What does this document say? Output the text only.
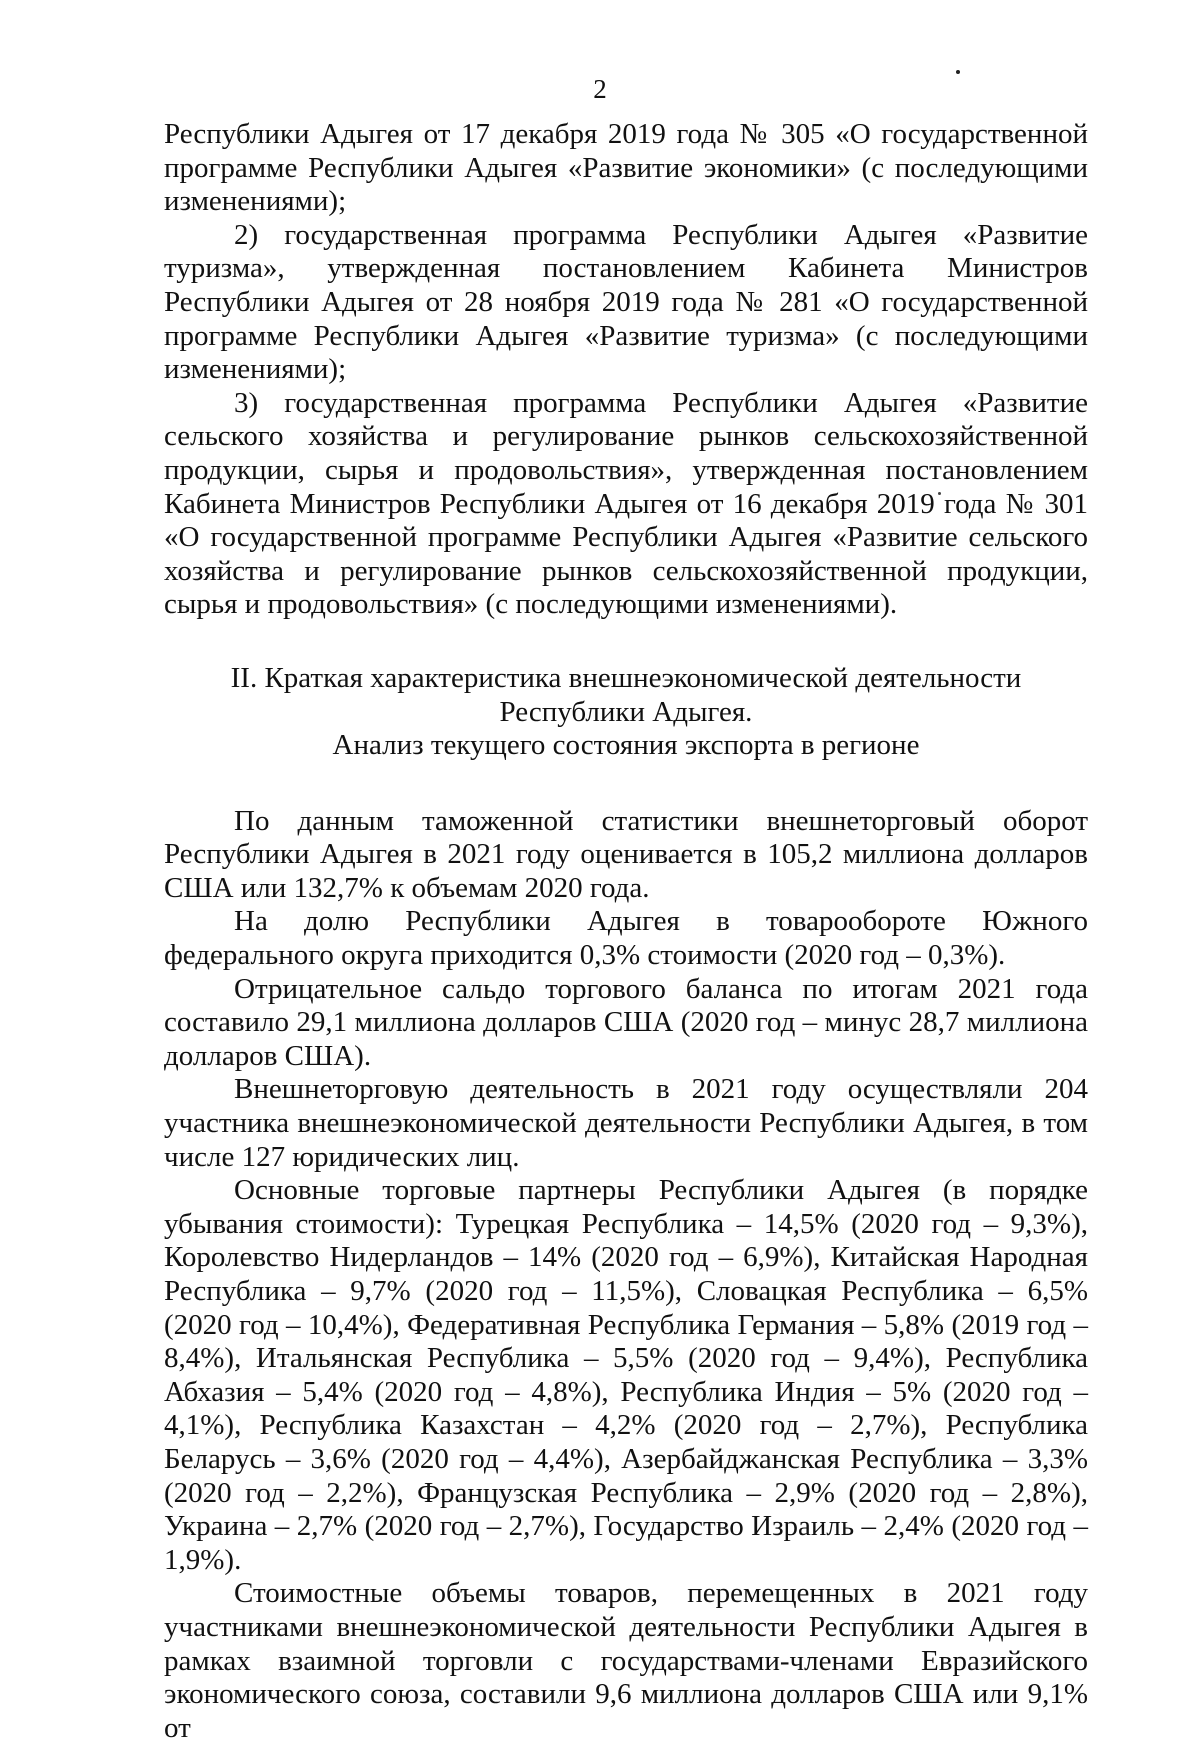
2

Республики Адыгея от 17 декабря 2019 года № 305 «О государственной программе Республики Адыгея «Развитие экономики» (с последующими изменениями);

2) государственная программа Республики Адыгея «Развитие туризма», утвержденная постановлением Кабинета Министров Республики Адыгея от 28 ноября 2019 года № 281 «О государственной программе Республики Адыгея «Развитие туризма» (с последующими изменениями);

3) государственная программа Республики Адыгея «Развитие сельского хозяйства и регулирование рынков сельскохозяйственной продукции, сырья и продовольствия», утвержденная постановлением Кабинета Министров Республики Адыгея от 16 декабря 2019 года № 301 «О государственной программе Республики Адыгея «Развитие сельского хозяйства и регулирование рынков сельскохозяйственной продукции, сырья и продовольствия» (с последующими изменениями).

II. Краткая характеристика внешнеэкономической деятельности
Республики Адыгея.
Анализ текущего состояния экспорта в регионе

По данным таможенной статистики внешнеторговый оборот Республики Адыгея в 2021 году оценивается в 105,2 миллиона долларов США или 132,7% к объемам 2020 года.

На долю Республики Адыгея в товарообороте Южного федерального округа приходится 0,3% стоимости (2020 год – 0,3%).

Отрицательное сальдо торгового баланса по итогам 2021 года составило 29,1 миллиона долларов США (2020 год – минус 28,7 миллиона долларов США).

Внешнеторговую деятельность в 2021 году осуществляли 204 участника внешнеэкономической деятельности Республики Адыгея, в том числе 127 юридических лиц.

Основные торговые партнеры Республики Адыгея (в порядке убывания стоимости): Турецкая Республика – 14,5% (2020 год – 9,3%), Королевство Нидерландов – 14% (2020 год – 6,9%), Китайская Народная Республика – 9,7% (2020 год – 11,5%), Словацкая Республика – 6,5% (2020 год – 10,4%), Федеративная Республика Германия – 5,8% (2019 год – 8,4%), Итальянская Республика – 5,5% (2020 год – 9,4%), Республика Абхазия – 5,4% (2020 год – 4,8%), Республика Индия – 5% (2020 год – 4,1%), Республика Казахстан – 4,2% (2020 год – 2,7%), Республика Беларусь – 3,6% (2020 год – 4,4%), Азербайджанская Республика – 3,3% (2020 год – 2,2%), Французская Республика – 2,9% (2020 год – 2,8%), Украина – 2,7% (2020 год – 2,7%), Государство Израиль – 2,4% (2020 год – 1,9%).

Стоимостные объемы товаров, перемещенных в 2021 году участниками внешнеэкономической деятельности Республики Адыгея в рамках взаимной торговли с государствами-членами Евразийского экономического союза, составили 9,6 миллиона долларов США или 9,1% от
